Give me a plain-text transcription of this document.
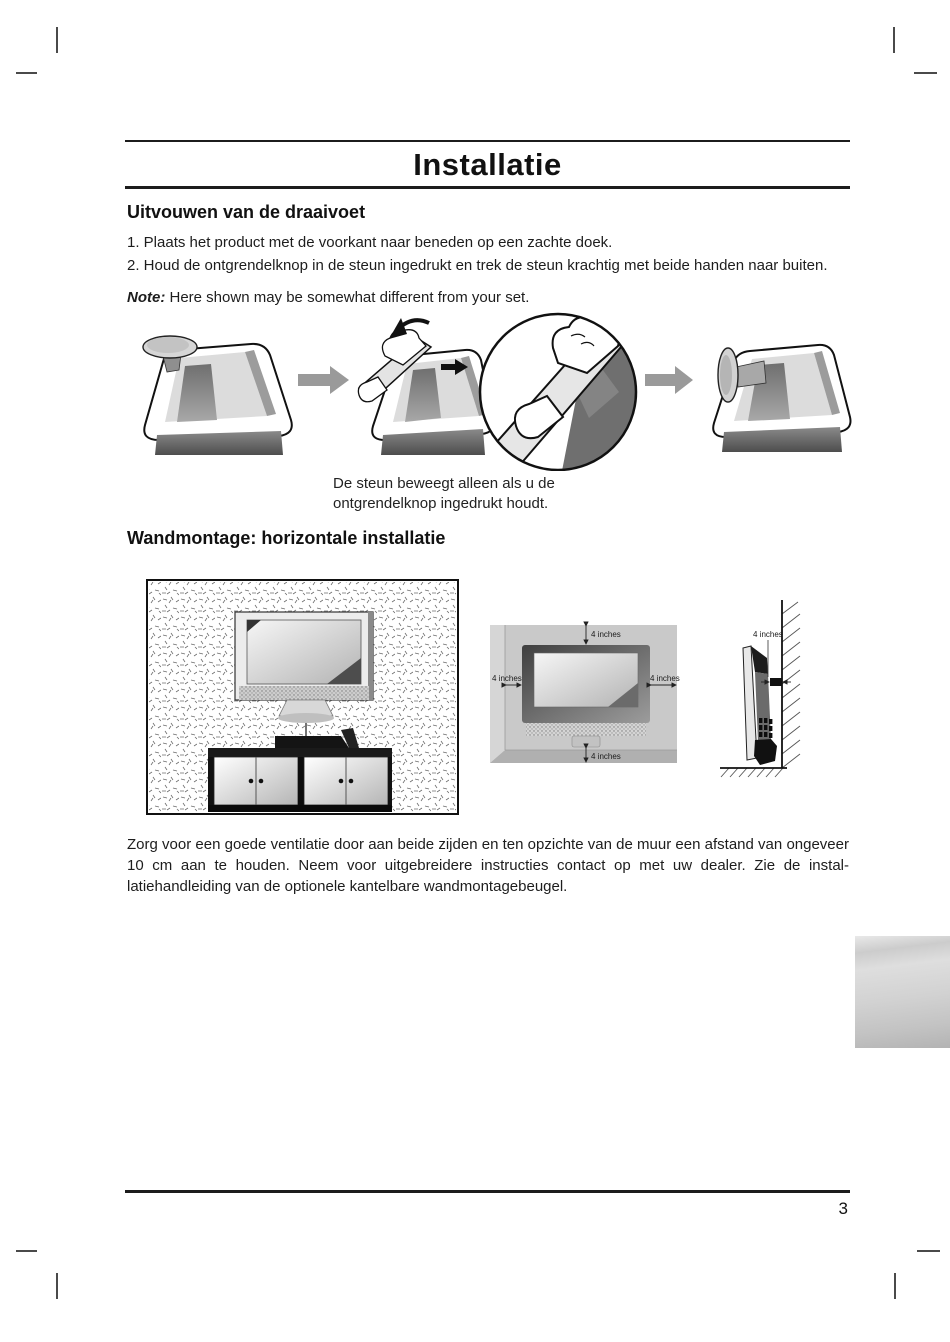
Installatie
Uitvouwen van de draaivoet
1. Plaats het product met de voorkant naar beneden op een zachte doek.
2. Houd de ontgrendelknop in de steun ingedrukt en trek de steun krachtig met beide handen naar buiten.
Note: Here shown may be somewhat different from your set.
De steun beweegt alleen als u de
ontgrendelknop ingedrukt houdt.
Wandmontage: horizontale installatie
4 inches
4 inches	4 inches
4 inches
4 inches
Zorg voor een goede ventilatie door aan beide zijden en ten opzichte van de muur een afstand van ongeveer 10 cm aan te houden. Neem voor uitgebreidere instructies contact op met uw dealer. Zie de instal-latiehandleiding van de optionele kantelbare wandmontagebeugel.
3
